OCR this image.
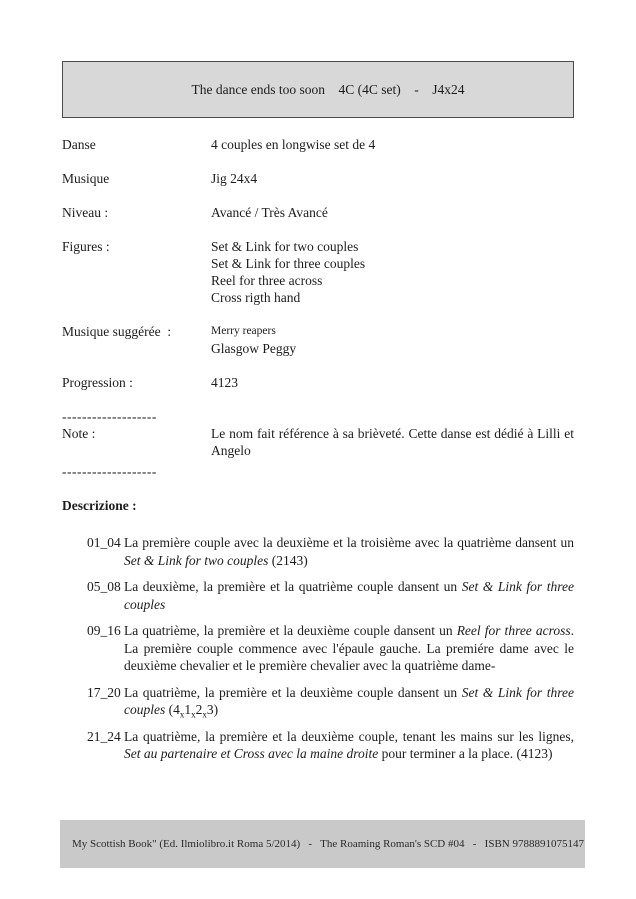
The dance ends too soon    4C (4C set)    -    J4x24

Danse	4 couples en longwise set de 4
Musique	Jig 24x4
Niveau :	Avancé / Très Avancé
Figures :	Set & Link for two couples
Set & Link for three couples
Reel for three across
Cross rigth hand
Musique suggérée  :	Merry reapers
Glasgow Peggy
Progression :	4123
-------------------
Note :	Le nom fait référence à sa brièveté. Cette danse est dédié à Lilli et Angelo
-------------------
Descrizione :
01_04 La première couple avec la deuxième et la troisième avec la quatrième dansent un Set & Link for two couples (2143)
05_08 La deuxième, la première et la quatrième couple dansent un Set & Link for three couples
09_16 La quatrième, la première et la deuxième couple dansent un Reel for three across. La première couple commence avec l'épaule gauche. La premiére dame avec le deuxième chevalier et le première chevalier avec la quatrième dame-
17_20 La quatrième, la première et la deuxième couple dansent un Set & Link for three couples $(4_x1_x2_x3)$
21_24 La quatrième, la première et la deuxième couple, tenant les mains sur les lignes, Set au partenaire et Cross avec la maine droite pour terminer a la place. (4123)

My Scottish Book" (Ed. Ilmiolibro.it Roma 5/2014)   -   The Roaming Roman's SCD #04   -   ISBN 9788891075147
